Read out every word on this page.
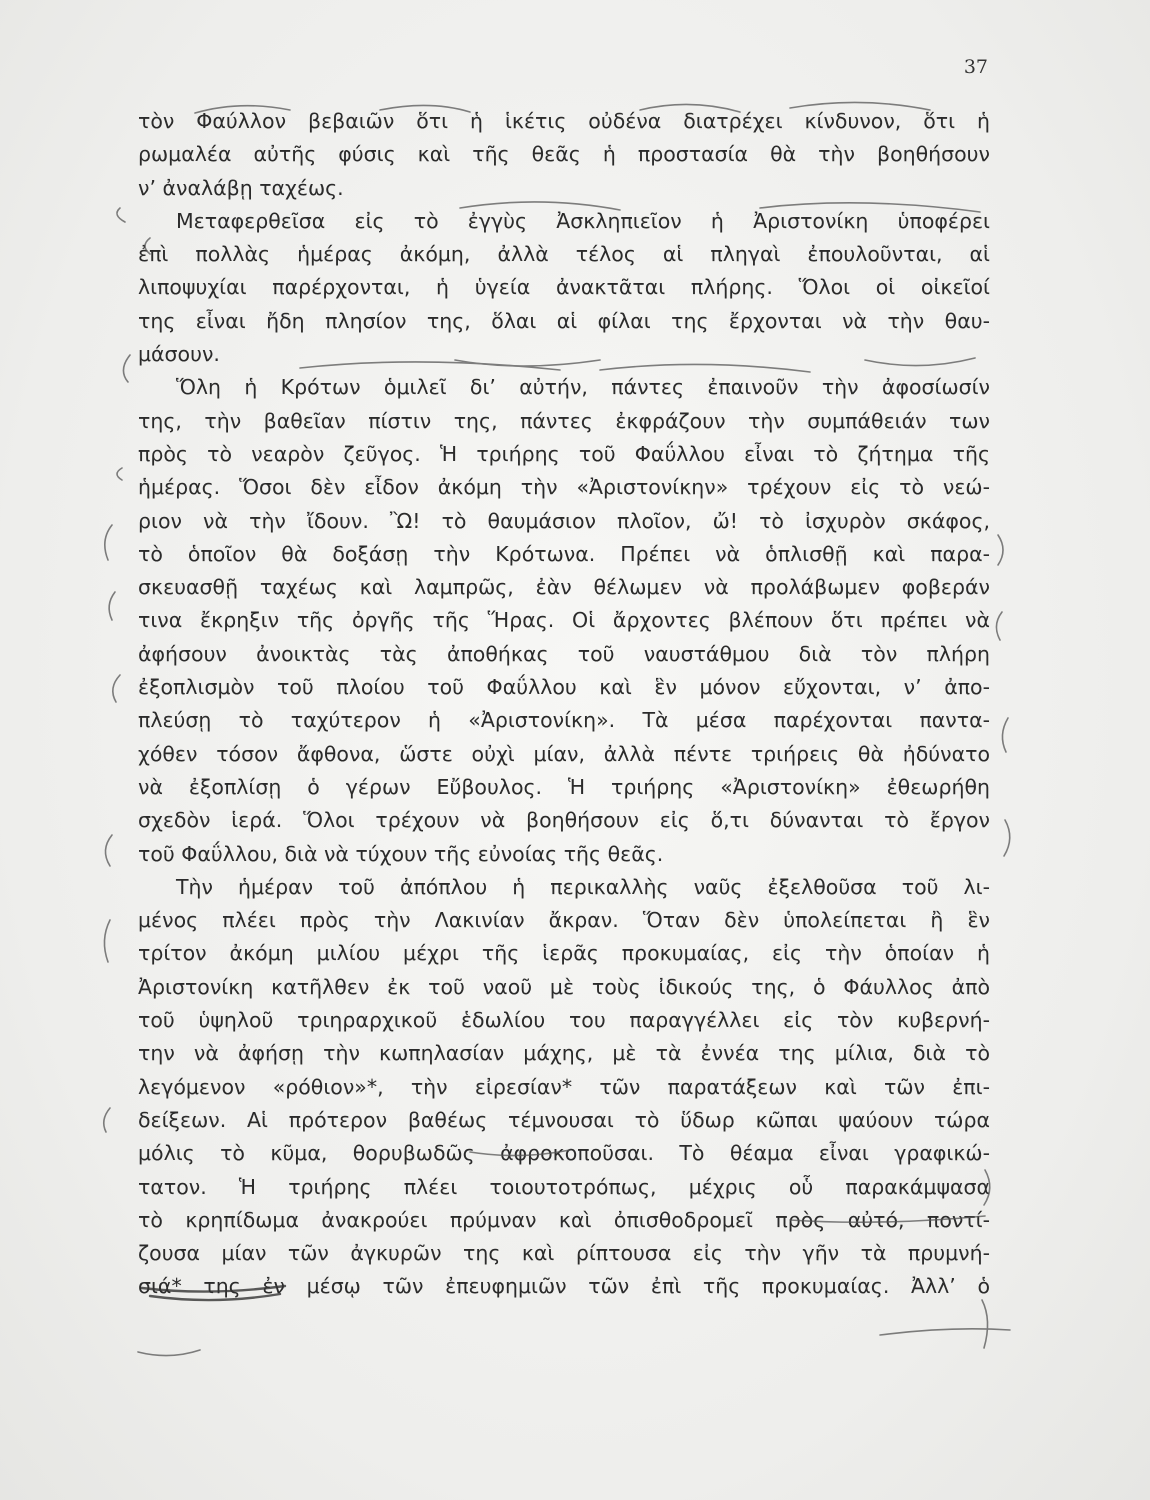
37
τὸν Φαύλλον βεβαιῶν ὅτι ἡ ἱκέτις οὐδένα διατρέχει κίνδυνον, ὅτι ἡ
ρωμαλέα αὐτῆς φύσις καὶ τῆς θεᾶς ἡ προστασία θὰ τὴν βοηθήσουν
ν’ ἀναλάβῃ ταχέως.
Μεταφερθεῖσα εἰς τὸ ἐγγὺς Ἀσκληπιεῖον ἡ Ἀριστονίκη ὑποφέρει
ἐπὶ πολλὰς ἡμέρας ἀκόμη, ἀλλὰ τέλος αἱ πληγαὶ ἐπουλοῦνται, αἱ
λιποψυχίαι παρέρχονται, ἡ ὑγεία ἀνακτᾶται πλήρης. Ὅλοι οἱ οἰκεῖοί
της εἶναι ἤδη πλησίον της, ὅλαι αἱ φίλαι της ἔρχονται νὰ τὴν θαυ-
μάσουν.
Ὅλη ἡ Κρότων ὁμιλεῖ δι’ αὐτήν, πάντες ἐπαινοῦν τὴν ἀφοσίωσίν
της, τὴν βαθεῖαν πίστιν της, πάντες ἐκφράζουν τὴν συμπάθειάν των
πρὸς τὸ νεαρὸν ζεῦγος. Ἡ τριήρης τοῦ Φαΰλλου εἶναι τὸ ζήτημα τῆς
ἡμέρας. Ὅσοι δὲν εἶδον ἀκόμη τὴν «Ἀριστονίκην» τρέχουν εἰς τὸ νεώ-
ριον νὰ τὴν ἴδουν. Ὢ! τὸ θαυμάσιον πλοῖον, ὤ! τὸ ἰσχυρὸν σκάφος,
τὸ ὁποῖον θὰ δοξάσῃ τὴν Κρότωνα. Πρέπει νὰ ὁπλισθῇ καὶ παρα-
σκευασθῇ ταχέως καὶ λαμπρῶς, ἐὰν θέλωμεν νὰ προλάβωμεν φοβεράν
τινα ἔκρηξιν τῆς ὀργῆς τῆς Ἥρας. Οἱ ἄρχοντες βλέπουν ὅτι πρέπει νὰ
ἀφήσουν ἀνοικτὰς τὰς ἀποθήκας τοῦ ναυστάθμου διὰ τὸν πλήρη
ἐξοπλισμὸν τοῦ πλοίου τοῦ Φαΰλλου καὶ ἓν μόνον εὔχονται, ν’ ἀπο-
πλεύσῃ τὸ ταχύτερον ἡ «Ἀριστονίκη». Τὰ μέσα παρέχονται παντα-
χόθεν τόσον ἄφθονα, ὥστε οὐχὶ μίαν, ἀλλὰ πέντε τριήρεις θὰ ἠδύνατο
νὰ ἐξοπλίσῃ ὁ γέρων Εὔβουλος. Ἡ τριήρης «Ἀριστονίκη» ἐθεωρήθη
σχεδὸν ἱερά. Ὅλοι τρέχουν νὰ βοηθήσουν εἰς ὅ,τι δύνανται τὸ ἔργον
τοῦ Φαΰλλου, διὰ νὰ τύχουν τῆς εὐνοίας τῆς θεᾶς.
Τὴν ἡμέραν τοῦ ἀπόπλου ἡ περικαλλὴς ναῦς ἐξελθοῦσα τοῦ λι-
μένος πλέει πρὸς τὴν Λακινίαν ἄκραν. Ὅταν δὲν ὑπολείπεται ἢ ἓν
τρίτον ἀκόμη μιλίου μέχρι τῆς ἱερᾶς προκυμαίας, εἰς τὴν ὁποίαν ἡ
Ἀριστονίκη κατῆλθεν ἐκ τοῦ ναοῦ μὲ τοὺς ἰδικούς της, ὁ Φάυλλος ἀπὸ
τοῦ ὑψηλοῦ τριηραρχικοῦ ἑδωλίου του παραγγέλλει εἰς τὸν κυβερνή-
την νὰ ἀφήσῃ τὴν κωπηλασίαν μάχης, μὲ τὰ ἐννέα της μίλια, διὰ τὸ
λεγόμενον «ρόθιον»*, τὴν εἰρεσίαν* τῶν παρατάξεων καὶ τῶν ἐπι-
δείξεων. Αἱ πρότερον βαθέως τέμνουσαι τὸ ὕδωρ κῶπαι ψαύουν τώρα
μόλις τὸ κῦμα, θορυβωδῶς ἀφροκοποῦσαι. Τὸ θέαμα εἶναι γραφικώ-
τατον. Ἡ τριήρης πλέει τοιουτοτρόπως, μέχρις οὗ παρακάμψασα
τὸ κρηπίδωμα ἀνακρούει πρύμναν καὶ ὀπισθοδρομεῖ πρὸς αὐτό, ποντί-
ζουσα μίαν τῶν ἀγκυρῶν της καὶ ρίπτουσα εἰς τὴν γῆν τὰ πρυμνή-
σιά* της ἐν μέσῳ τῶν ἐπευφημιῶν τῶν ἐπὶ τῆς προκυμαίας. Ἀλλ’ ὁ
